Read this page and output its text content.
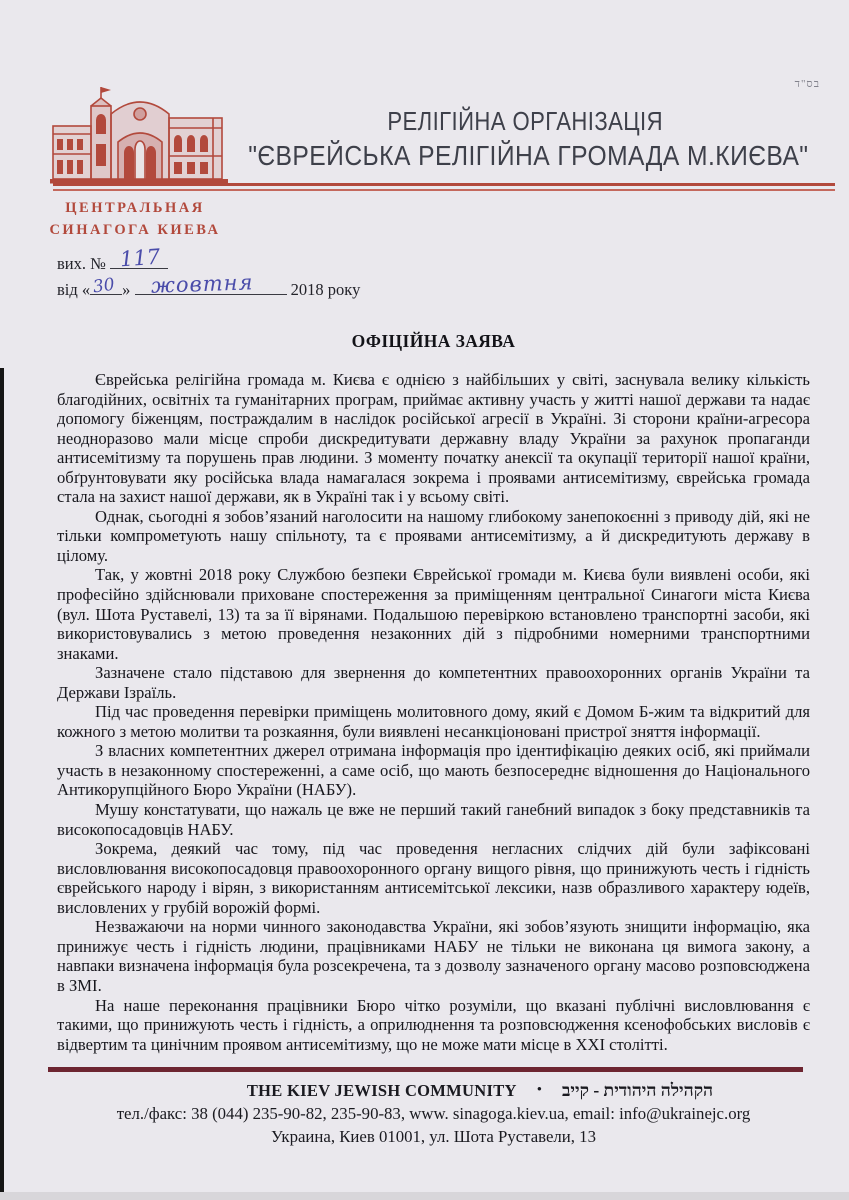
בס"ד
ЦЕНТРАЛЬНАЯ
СИНАГОГА КИЕВА
РЕЛІГІЙНА ОРГАНІЗАЦІЯ
"ЄВРЕЙСЬКА РЕЛІГІЙНА ГРОМАДА М.КИЄВА"
вих. № 117
від « 30 » жовтня 2018 року
ОФІЦІЙНА ЗАЯВА

Єврейська релігійна громада м. Києва є однією з найбільших у світі, заснувала велику кількість благодійних, освітніх та гуманітарних програм, приймає активну участь у житті нашої держави та надає допомогу біженцям, постраждалим в наслідок російської агресії в Україні. Зі сторони країни-агресора неодноразово мали місце спроби дискредитувати державну владу України за рахунок пропаганди антисемітизму та порушень прав людини. З моменту початку анексії та окупації території нашої країни, обґрунтовувати яку російська влада намагалася зокрема і проявами антисемітизму, єврейська громада стала на захист нашої держави, як в Україні так і у всьому світі.

Однак, сьогодні я зобов’язаний наголосити на нашому глибокому занепокоєнні з приводу дій, які не тільки компрометують нашу спільноту, та є проявами антисемітизму, а й дискредитують державу в цілому.

Так, у жовтні 2018 року Службою безпеки Єврейської громади м. Києва були виявлені особи, які професійно здійснювали приховане спостереження за приміщенням центральної Синагоги міста Києва (вул. Шота Руставелі, 13) та за її вірянами. Подальшою перевіркою встановлено транспортні засоби, які використовувались з метою проведення незаконних дій з підробними номерними транспортними знаками.

Зазначене стало підставою для звернення до компетентних правоохоронних органів України та Держави Ізраїль.

Під час проведення перевірки приміщень молитовного дому, який є Домом Б-жим та відкритий для кожного з метою молитви та розкаяння, були виявлені несанкціоновані пристрої зняття інформації.

З власних компетентних джерел отримана інформація про ідентифікацію деяких осіб, які приймали участь в незаконному спостереженні, а саме осіб, що мають безпосереднє відношення до Національного Антикорупційного Бюро України (НАБУ).

Мушу констатувати, що нажаль це вже не перший такий ганебний випадок з боку представників та високопосадовців НАБУ.

Зокрема, деякий час тому, під час проведення негласних слідчих дій були зафіксовані висловлювання високопосадовця правоохоронного органу вищого рівня, що принижують честь і гідність єврейського народу і вірян, з використанням антисемітської лексики, назв образливого характеру юдеїв, висловлених у грубій ворожій формі.

Незважаючи на норми чинного законодавства України, які зобов’язують знищити інформацію, яка принижує честь і гідність людини, працівниками НАБУ не тільки не виконана ця вимога закону, а навпаки визначена інформація була розсекречена, та з дозволу зазначеного органу масово розповсюджена в ЗМІ.

На наше переконання працівники Бюро чітко розуміли, що вказані публічні висловлювання є такими, що принижують честь і гідність, а оприлюднення та розповсюдження ксенофобських висловів є відвертим та цинічним проявом антисемітизму, що не може мати місце в XXI столітті.

THE KIEV JEWISH COMMUNITY • הקהילה היהודית - קייב
тел./факс: 38 (044) 235-90-82, 235-90-83, www. sinagoga.kiev.ua, email: info@ukrainejc.org
Украина, Киев 01001, ул. Шота Руставели, 13
